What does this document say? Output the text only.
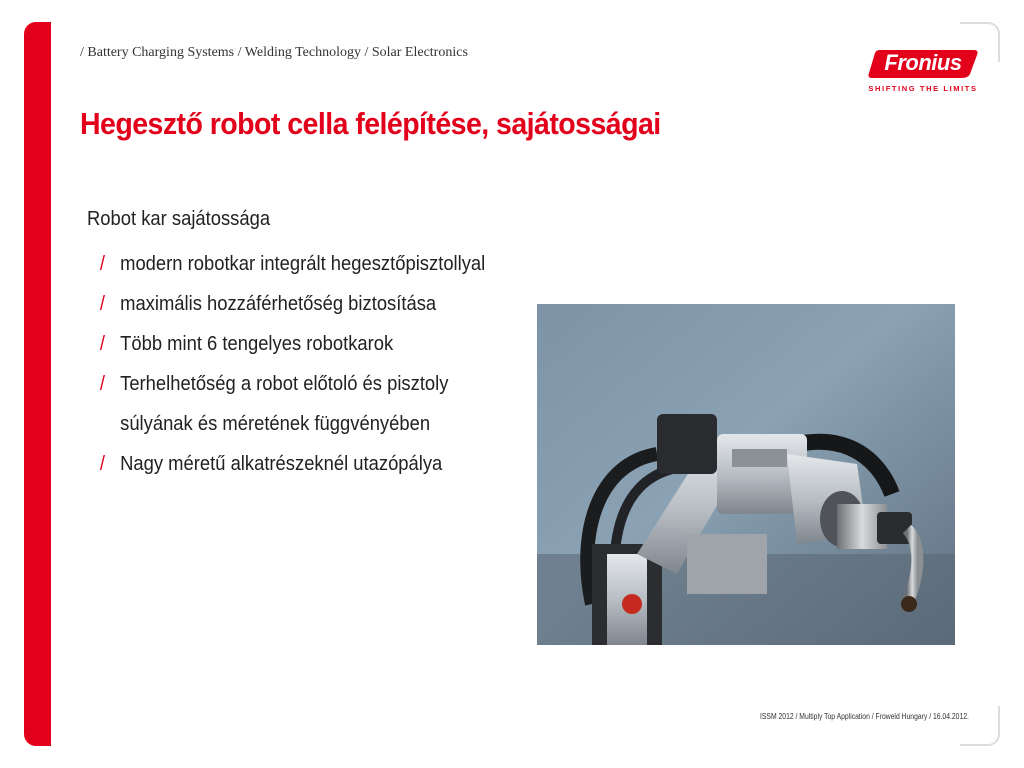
/ Battery Charging Systems / Welding Technology / Solar Electronics	Fronius
SHIFTING THE LIMITS
Hegesztő robot cella felépítése, sajátosságai
Robot kar sajátossága
/ modern robotkar integrált hegesztőpisztollyal
/ maximális hozzáférhetőség biztosítása
/ Több mint 6 tengelyes robotkarok
/ Terhelhetőség a robot előtoló és pisztoly
súlyának és méretének függvényében
/ Nagy méretű alkatrészeknél utazópálya
ISSM 2012 / Multiply Top Application / Froweld Hungary / 16.04.2012.
